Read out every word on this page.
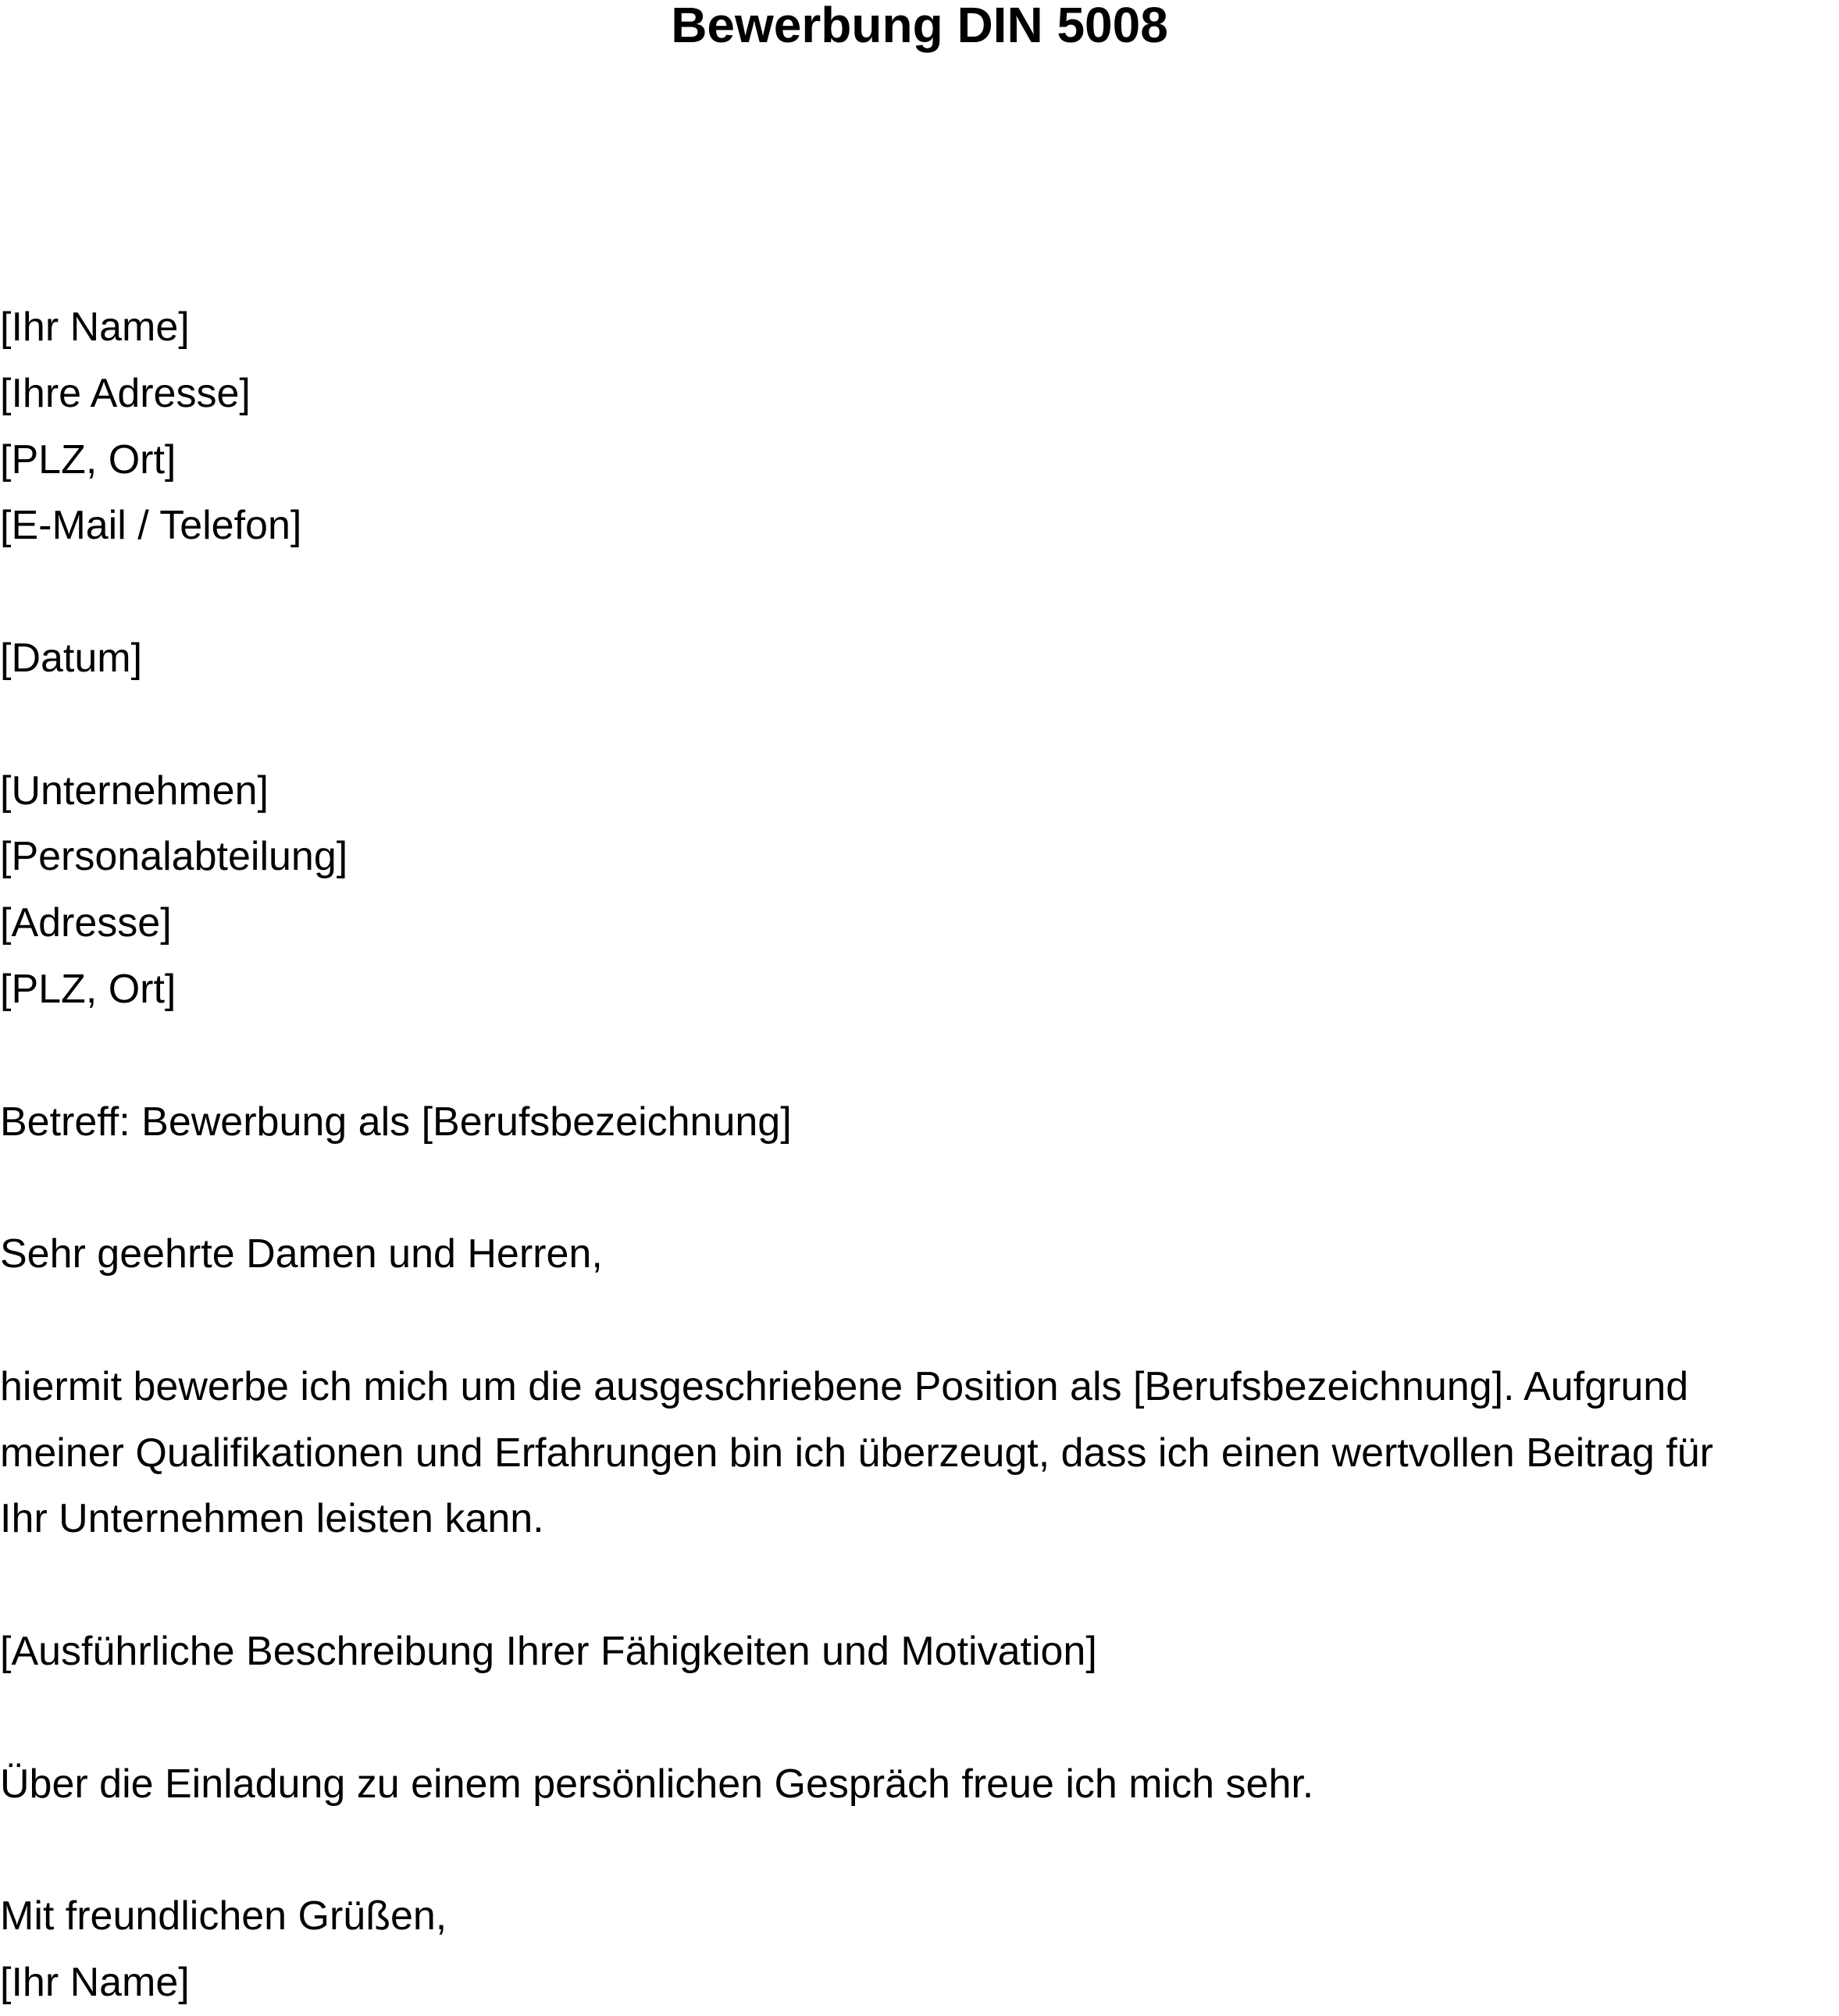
Bewerbung DIN 5008
[Ihr Name]
[Ihre Adresse]
[PLZ, Ort]
[E-Mail / Telefon]
[Datum]
[Unternehmen]
[Personalabteilung]
[Adresse]
[PLZ, Ort]
Betreff: Bewerbung als [Berufsbezeichnung]
Sehr geehrte Damen und Herren,
hiermit bewerbe ich mich um die ausgeschriebene Position als [Berufsbezeichnung]. Aufgrund
meiner Qualifikationen und Erfahrungen bin ich überzeugt, dass ich einen wertvollen Beitrag für
Ihr Unternehmen leisten kann.
[Ausführliche Beschreibung Ihrer Fähigkeiten und Motivation]
Über die Einladung zu einem persönlichen Gespräch freue ich mich sehr.
Mit freundlichen Grüßen,
[Ihr Name]
